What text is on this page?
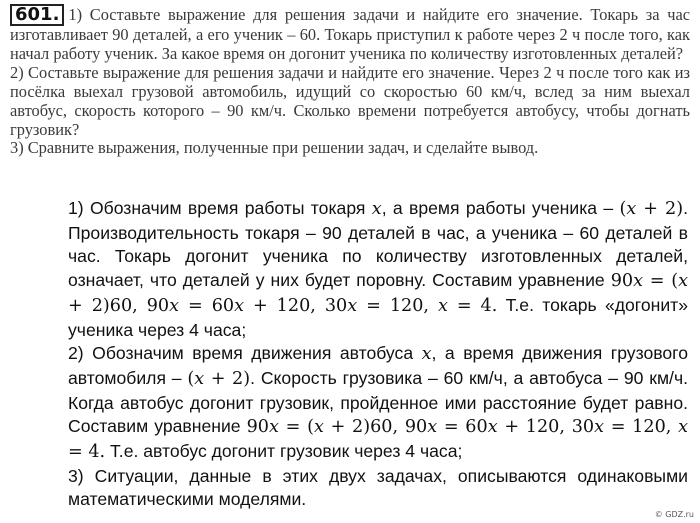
601. 1) Составьте выражение для решения задачи и найдите его значение. Токарь за час изготавливает 90 деталей, а его ученик – 60. Токарь приступил к работе через 2 ч после того, как начал работу ученик. За какое время он догонит ученика по количеству изготовленных деталей?

2) Составьте выражение для решения задачи и найдите его значение. Через 2 ч после того как из посёлка выехал грузовой автомобиль, идущий со скоростью 60 км/ч, вслед за ним выехал автобус, скорость которого – 90 км/ч. Сколько времени потребуется автобусу, чтобы догнать грузовик?

3) Сравните выражения, полученные при решении задач, и сделайте вывод.

1) Обозначим время работы токаря 𝑥, а время работы ученика – (𝑥 + 2). Производительность токаря – 90 деталей в час, а ученика – 60 деталей в час. Токарь догонит ученика по количеству изготовленных деталей, означает, что деталей у них будет поровну. Составим уравнение 90𝑥 = (𝑥 + 2)60, 90𝑥 = 60𝑥 + 120, 30𝑥 = 120, 𝑥 = 4. Т.е. токарь «догонит» ученика через 4 часа;

2) Обозначим время движения автобуса 𝑥, а время движения грузового автомобиля – (𝑥 + 2). Скорость грузовика – 60 км/ч, а автобуса – 90 км/ч. Когда автобус догонит грузовик, пройденное ими расстояние будет равно. Составим уравнение 90𝑥 = (𝑥 + 2)60, 90𝑥 = 60𝑥 + 120, 30𝑥 = 120, 𝑥 = 4. Т.е. автобус догонит грузовик через 4 часа;

3) Ситуации, данные в этих двух задачах, описываются одинаковыми математическими моделями.

© GDZ.ru
